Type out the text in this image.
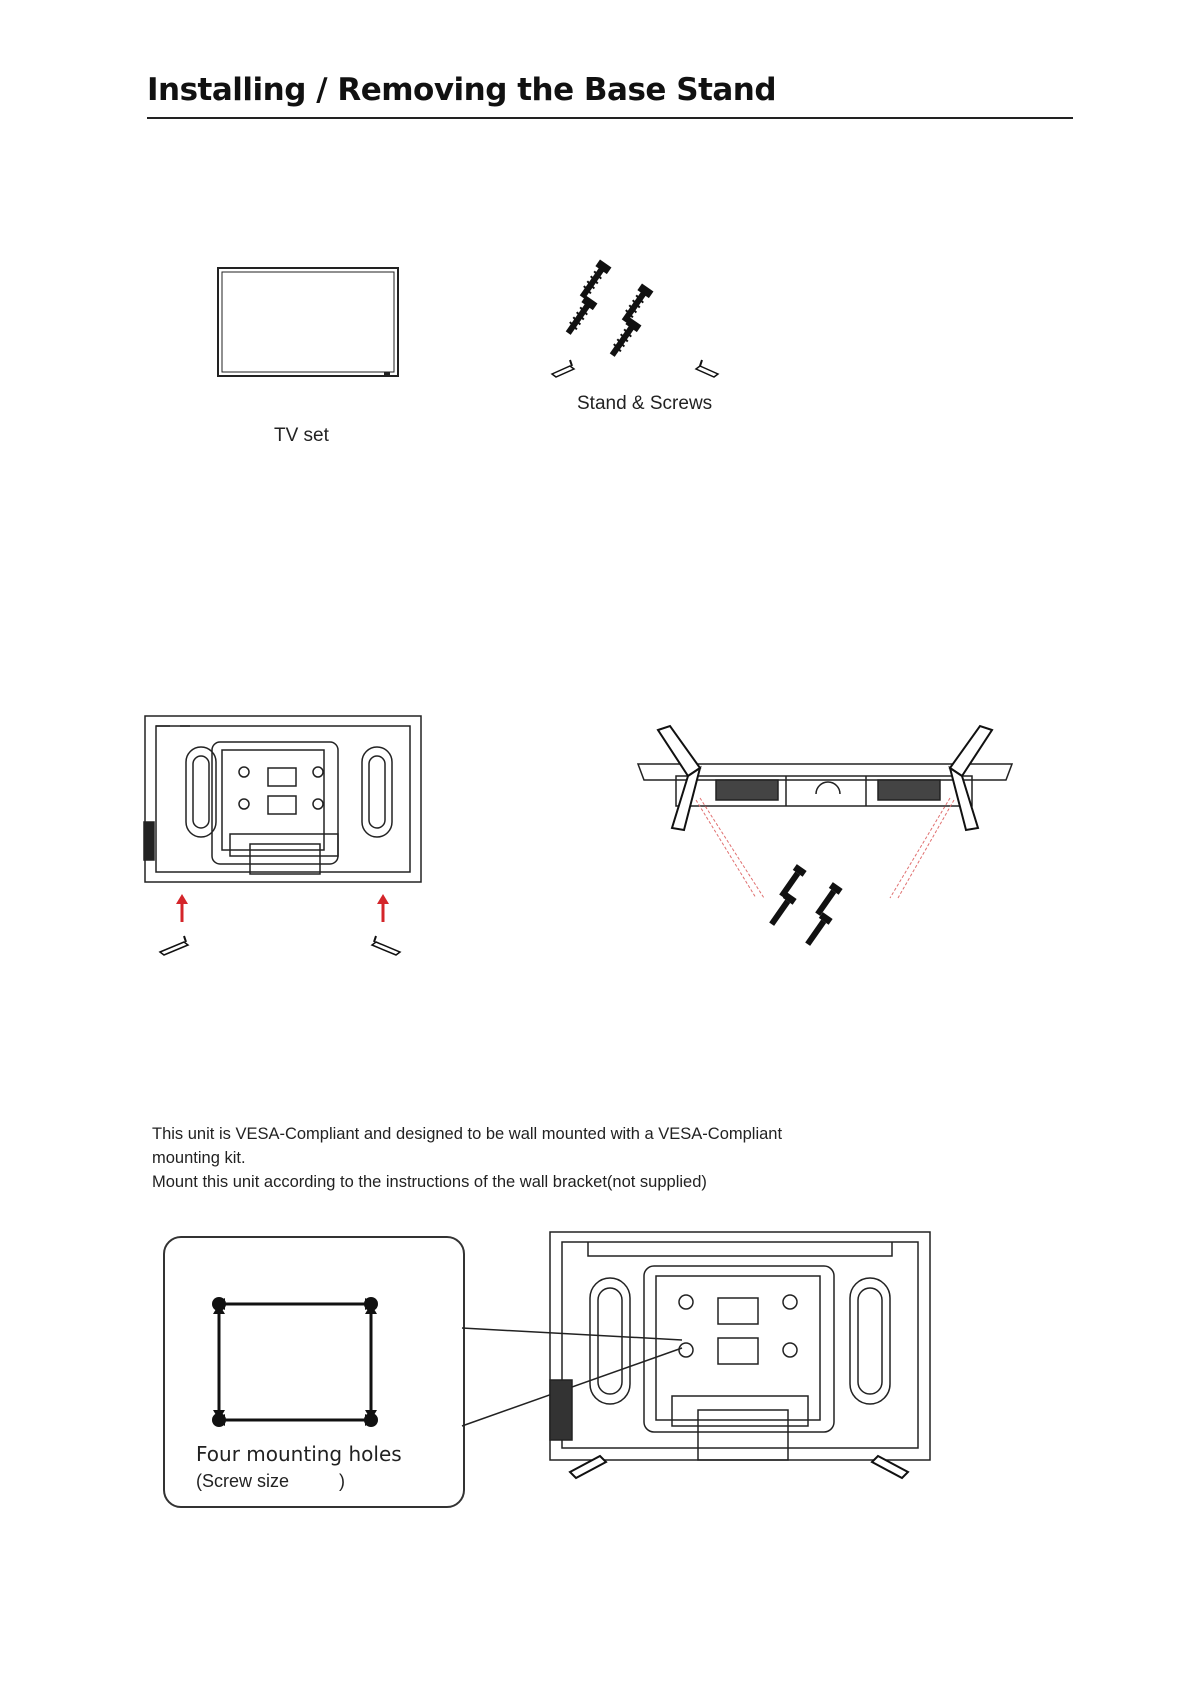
Installing / Removing the Base Stand
TV set
Stand & Screws

This unit is VESA-Compliant and designed to be wall mounted with a VESA-Compliant

mounting kit.

Mount this unit according to the instructions of the wall bracket(not supplied)

Four mounting holes
(Screw size          )
